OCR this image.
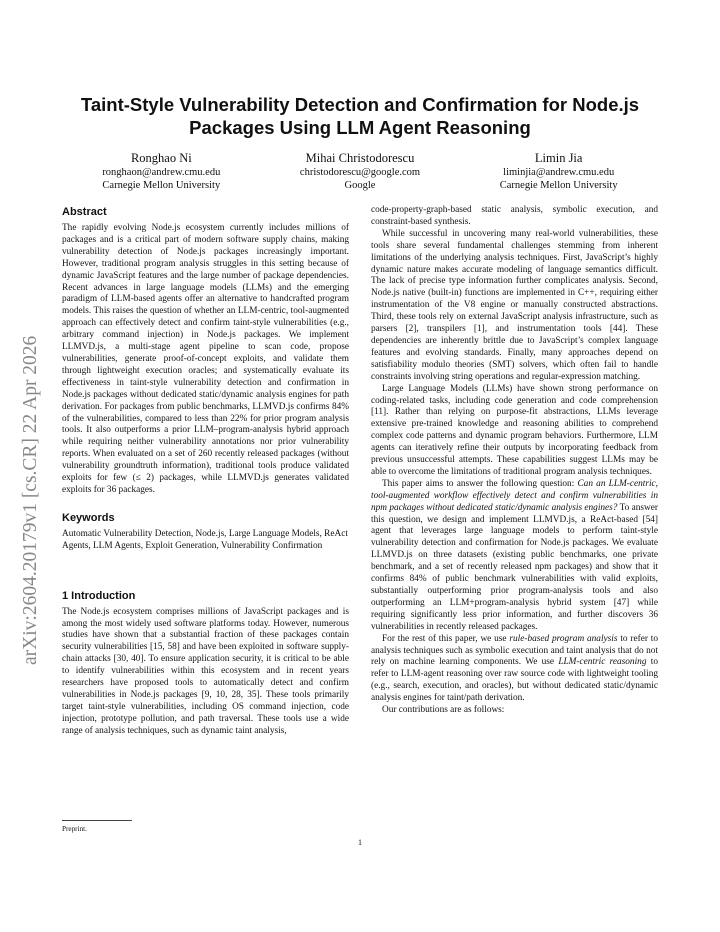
arXiv:2604.20179v1 [cs.CR] 22 Apr 2026
Taint-Style Vulnerability Detection and Confirmation for Node.js
Packages Using LLM Agent Reasoning
Ronghao Ni
ronghaon@andrew.cmu.edu
Carnegie Mellon University
Mihai Christodorescu
christodorescu@google.com
Google
Limin Jia
liminjia@andrew.cmu.edu
Carnegie Mellon University
Abstract

The rapidly evolving Node.js ecosystem currently includes millions of packages and is a critical part of modern software supply chains, making vulnerability detection of Node.js packages increasingly important. However, traditional program analysis struggles in this setting because of dynamic JavaScript features and the large number of package dependencies. Recent advances in large language models (LLMs) and the emerging paradigm of LLM-based agents offer an alternative to handcrafted program models. This raises the question of whether an LLM-centric, tool-augmented approach can effectively detect and confirm taint-style vulnerabilities (e.g., arbitrary command injection) in Node.js packages. We implement LLMVD.js, a multi-stage agent pipeline to scan code, propose vulnerabilities, generate proof-of-concept exploits, and validate them through lightweight execution oracles; and systematically evaluate its effectiveness in taint-style vulnerability detection and confirmation in Node.js packages without dedicated static/dynamic analysis engines for path derivation. For packages from public benchmarks, LLMVD.js confirms 84% of the vulnerabilities, compared to less than 22% for prior program analysis tools. It also outperforms a prior LLM–program-analysis hybrid approach while requiring neither vulnerability annotations nor prior vulnerability reports. When evaluated on a set of 260 recently released packages (without vulnerability groundtruth information), traditional tools produce validated exploits for few (≤ 2) packages, while LLMVD.js generates validated exploits for 36 packages.

Keywords

Automatic Vulnerability Detection, Node.js, Large Language Models, ReAct Agents, LLM Agents, Exploit Generation, Vulnerability Confirmation

1 Introduction

The Node.js ecosystem comprises millions of JavaScript packages and is among the most widely used software platforms today. However, numerous studies have shown that a substantial fraction of these packages contain security vulnerabilities [15, 58] and have been exploited in software supply-chain attacks [30, 40]. To ensure application security, it is critical to be able to identify vulnerabilities within this ecosystem and in recent years researchers have proposed tools to automatically detect and confirm vulnerabilities in Node.js packages [9, 10, 28, 35]. These tools primarily target taint-style vulnerabilities, including OS command injection, code injection, prototype pollution, and path traversal. These tools use a wide range of analysis techniques, such as dynamic taint analysis,

code-property-graph-based static analysis, symbolic execution, and constraint-based synthesis.

While successful in uncovering many real-world vulnerabilities, these tools share several fundamental challenges stemming from inherent limitations of the underlying analysis techniques. First, JavaScript’s highly dynamic nature makes accurate modeling of language semantics difficult. The lack of precise type information further complicates analysis. Second, Node.js native (built-in) functions are implemented in C++, requiring either instrumentation of the V8 engine or manually constructed abstractions. Third, these tools rely on external JavaScript analysis infrastructure, such as parsers [2], transpilers [1], and instrumentation tools [44]. These dependencies are inherently brittle due to JavaScript’s complex language features and evolving standards. Finally, many approaches depend on satisfiability modulo theories (SMT) solvers, which often fail to handle constraints involving string operations and regular-expression matching.

Large Language Models (LLMs) have shown strong performance on coding-related tasks, including code generation and code comprehension [11]. Rather than relying on purpose-fit abstractions, LLMs leverage extensive pre-trained knowledge and reasoning abilities to comprehend complex code patterns and dynamic program behaviors. Furthermore, LLM agents can iteratively refine their outputs by incorporating feedback from previous unsuccessful attempts. These capabilities suggest LLMs may be able to overcome the limitations of traditional program analysis techniques.

This paper aims to answer the following question: Can an LLM-centric, tool-augmented workflow effectively detect and confirm vulnerabilities in npm packages without dedicated static/dynamic analysis engines? To answer this question, we design and implement LLMVD.js, a ReAct-based [54] agent that leverages large language models to perform taint-style vulnerability detection and confirmation for Node.js packages. We evaluate LLMVD.js on three datasets (existing public benchmarks, one private benchmark, and a set of recently released npm packages) and show that it confirms 84% of public benchmark vulnerabilities with valid exploits, substantially outperforming prior program-analysis tools and also outperforming an LLM+program-analysis hybrid system [47] while requiring significantly less prior information, and further discovers 36 vulnerabilities in recently released packages.

For the rest of this paper, we use rule-based program analysis to refer to analysis techniques such as symbolic execution and taint analysis that do not rely on machine learning components. We use LLM-centric reasoning to refer to LLM-agent reasoning over raw source code with lightweight tooling (e.g., search, execution, and oracles), but without dedicated static/dynamic analysis engines for taint/path derivation.

Our contributions are as follows:

Preprint.
1
